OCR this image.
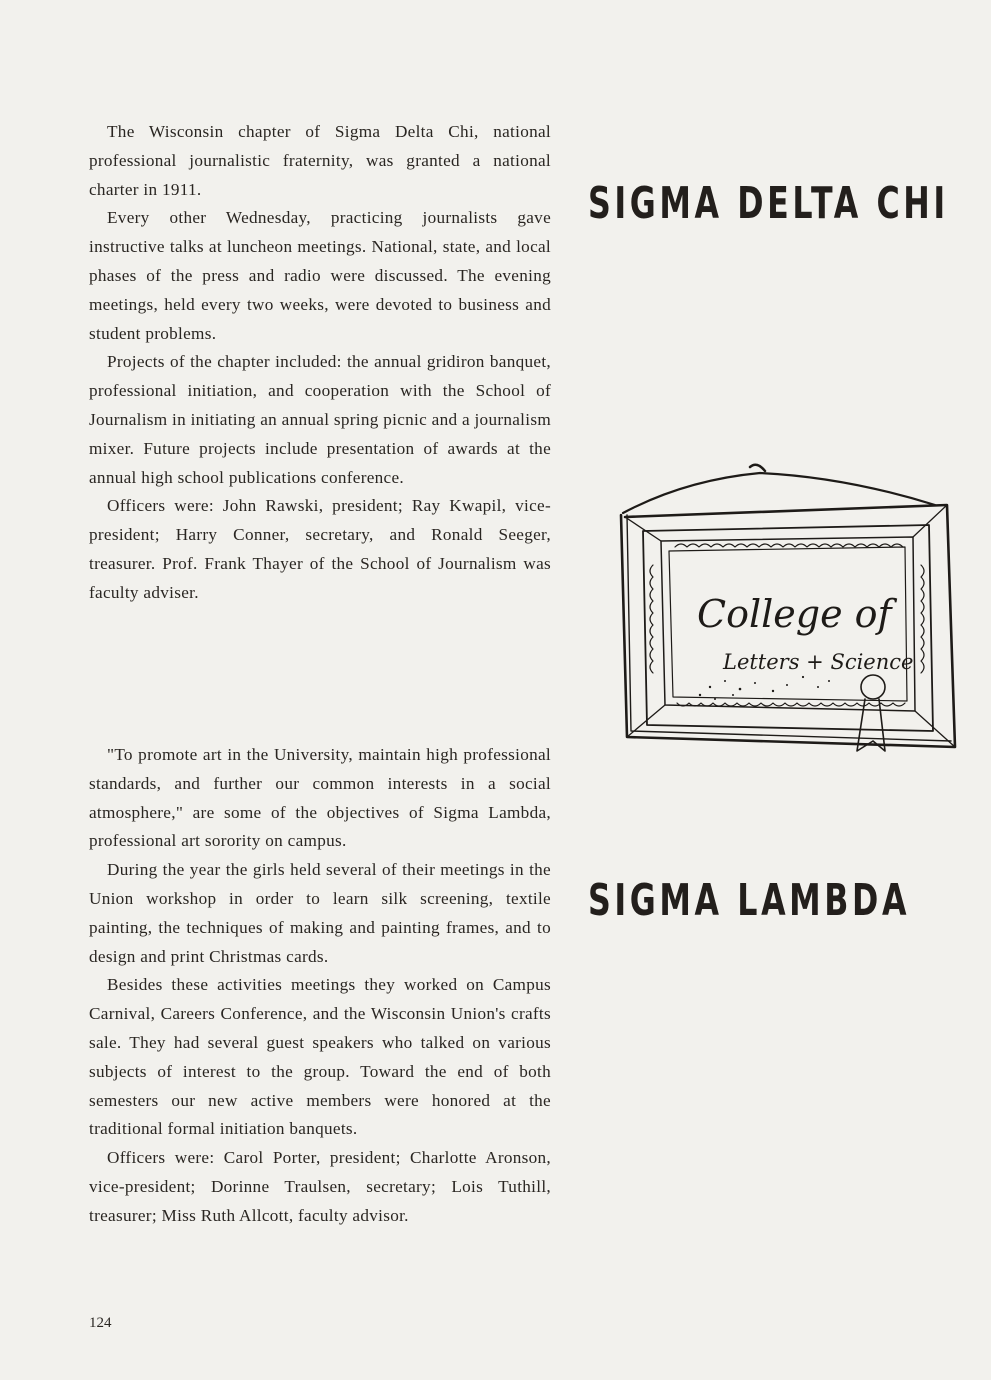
The Wisconsin chapter of Sigma Delta Chi, national professional journalistic fraternity, was granted a national charter in 1911.

Every other Wednesday, practicing journalists gave instructive talks at luncheon meetings. National, state, and local phases of the press and radio were discussed. The evening meetings, held every two weeks, were devoted to business and student problems.

Projects of the chapter included: the annual gridiron banquet, professional initiation, and cooperation with the School of Journalism in initiating an annual spring picnic and a journalism mixer. Future projects include presentation of awards at the annual high school publications conference.

Officers were: John Rawski, president; Ray Kwapil, vice-president; Harry Conner, secretary, and Ronald Seeger, treasurer. Prof. Frank Thayer of the School of Journalism was faculty adviser.

SIGMA DELTA CHI
College of
Letters + Science

"To promote art in the University, maintain high professional standards, and further our common interests in a social atmosphere," are some of the objectives of Sigma Lambda, professional art sorority on campus.

During the year the girls held several of their meetings in the Union workshop in order to learn silk screening, textile painting, the techniques of making and painting frames, and to design and print Christmas cards.

Besides these activities meetings they worked on Campus Carnival, Careers Conference, and the Wisconsin Union's crafts sale. They had several guest speakers who talked on various subjects of interest to the group. Toward the end of both semesters our new active members were honored at the traditional formal initiation banquets.

Officers were: Carol Porter, president; Charlotte Aronson, vice-president; Dorinne Traulsen, secretary; Lois Tuthill, treasurer; Miss Ruth Allcott, faculty advisor.

SIGMA LAMBDA
124
